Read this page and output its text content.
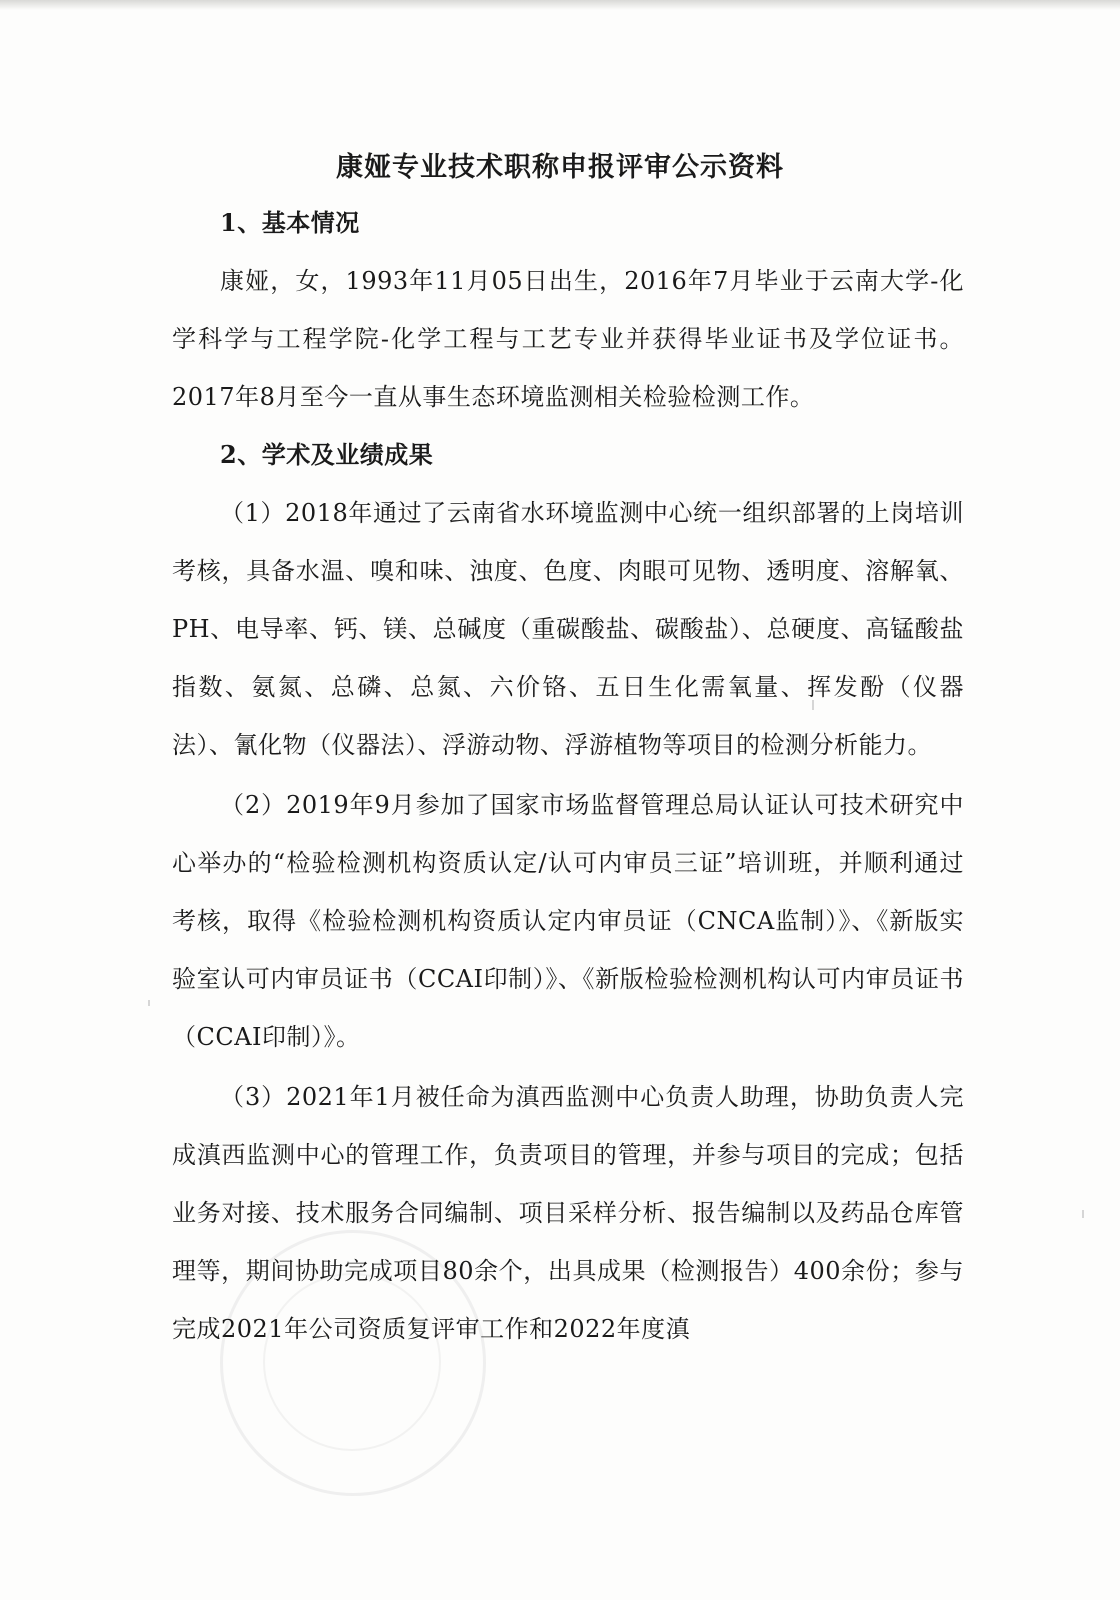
康娅专业技术职称申报评审公示资料

1、基本情况

康娅，女，1993年11月05日出生，2016年7月毕业于云南大学-化学科学与工程学院-化学工程与工艺专业并获得毕业证书及学位证书。2017年8月至今一直从事生态环境监测相关检验检测工作。

2、学术及业绩成果

（1）2018年通过了云南省水环境监测中心统一组织部署的上岗培训考核，具备水温、嗅和味、浊度、色度、肉眼可见物、透明度、溶解氧、PH、电导率、钙、镁、总碱度（重碳酸盐、碳酸盐）、总硬度、高锰酸盐指数、氨氮、总磷、总氮、六价铬、五日生化需氧量、挥发酚（仪器法）、氰化物（仪器法）、浮游动物、浮游植物等项目的检测分析能力。

（2）2019年9月参加了国家市场监督管理总局认证认可技术研究中心举办的“检验检测机构资质认定/认可内审员三证”培训班，并顺利通过考核，取得《检验检测机构资质认定内审员证（CNCA监制）》、《新版实验室认可内审员证书（CCAI印制）》、《新版检验检测机构认可内审员证书（CCAI印制）》。

（3）2021年1月被任命为滇西监测中心负责人助理，协助负责人完成滇西监测中心的管理工作，负责项目的管理，并参与项目的完成；包括业务对接、技术服务合同编制、项目采样分析、报告编制以及药品仓库管理等，期间协助完成项目80余个，出具成果（检测报告）400余份；参与完成2021年公司资质复评审工作和2022年度滇
